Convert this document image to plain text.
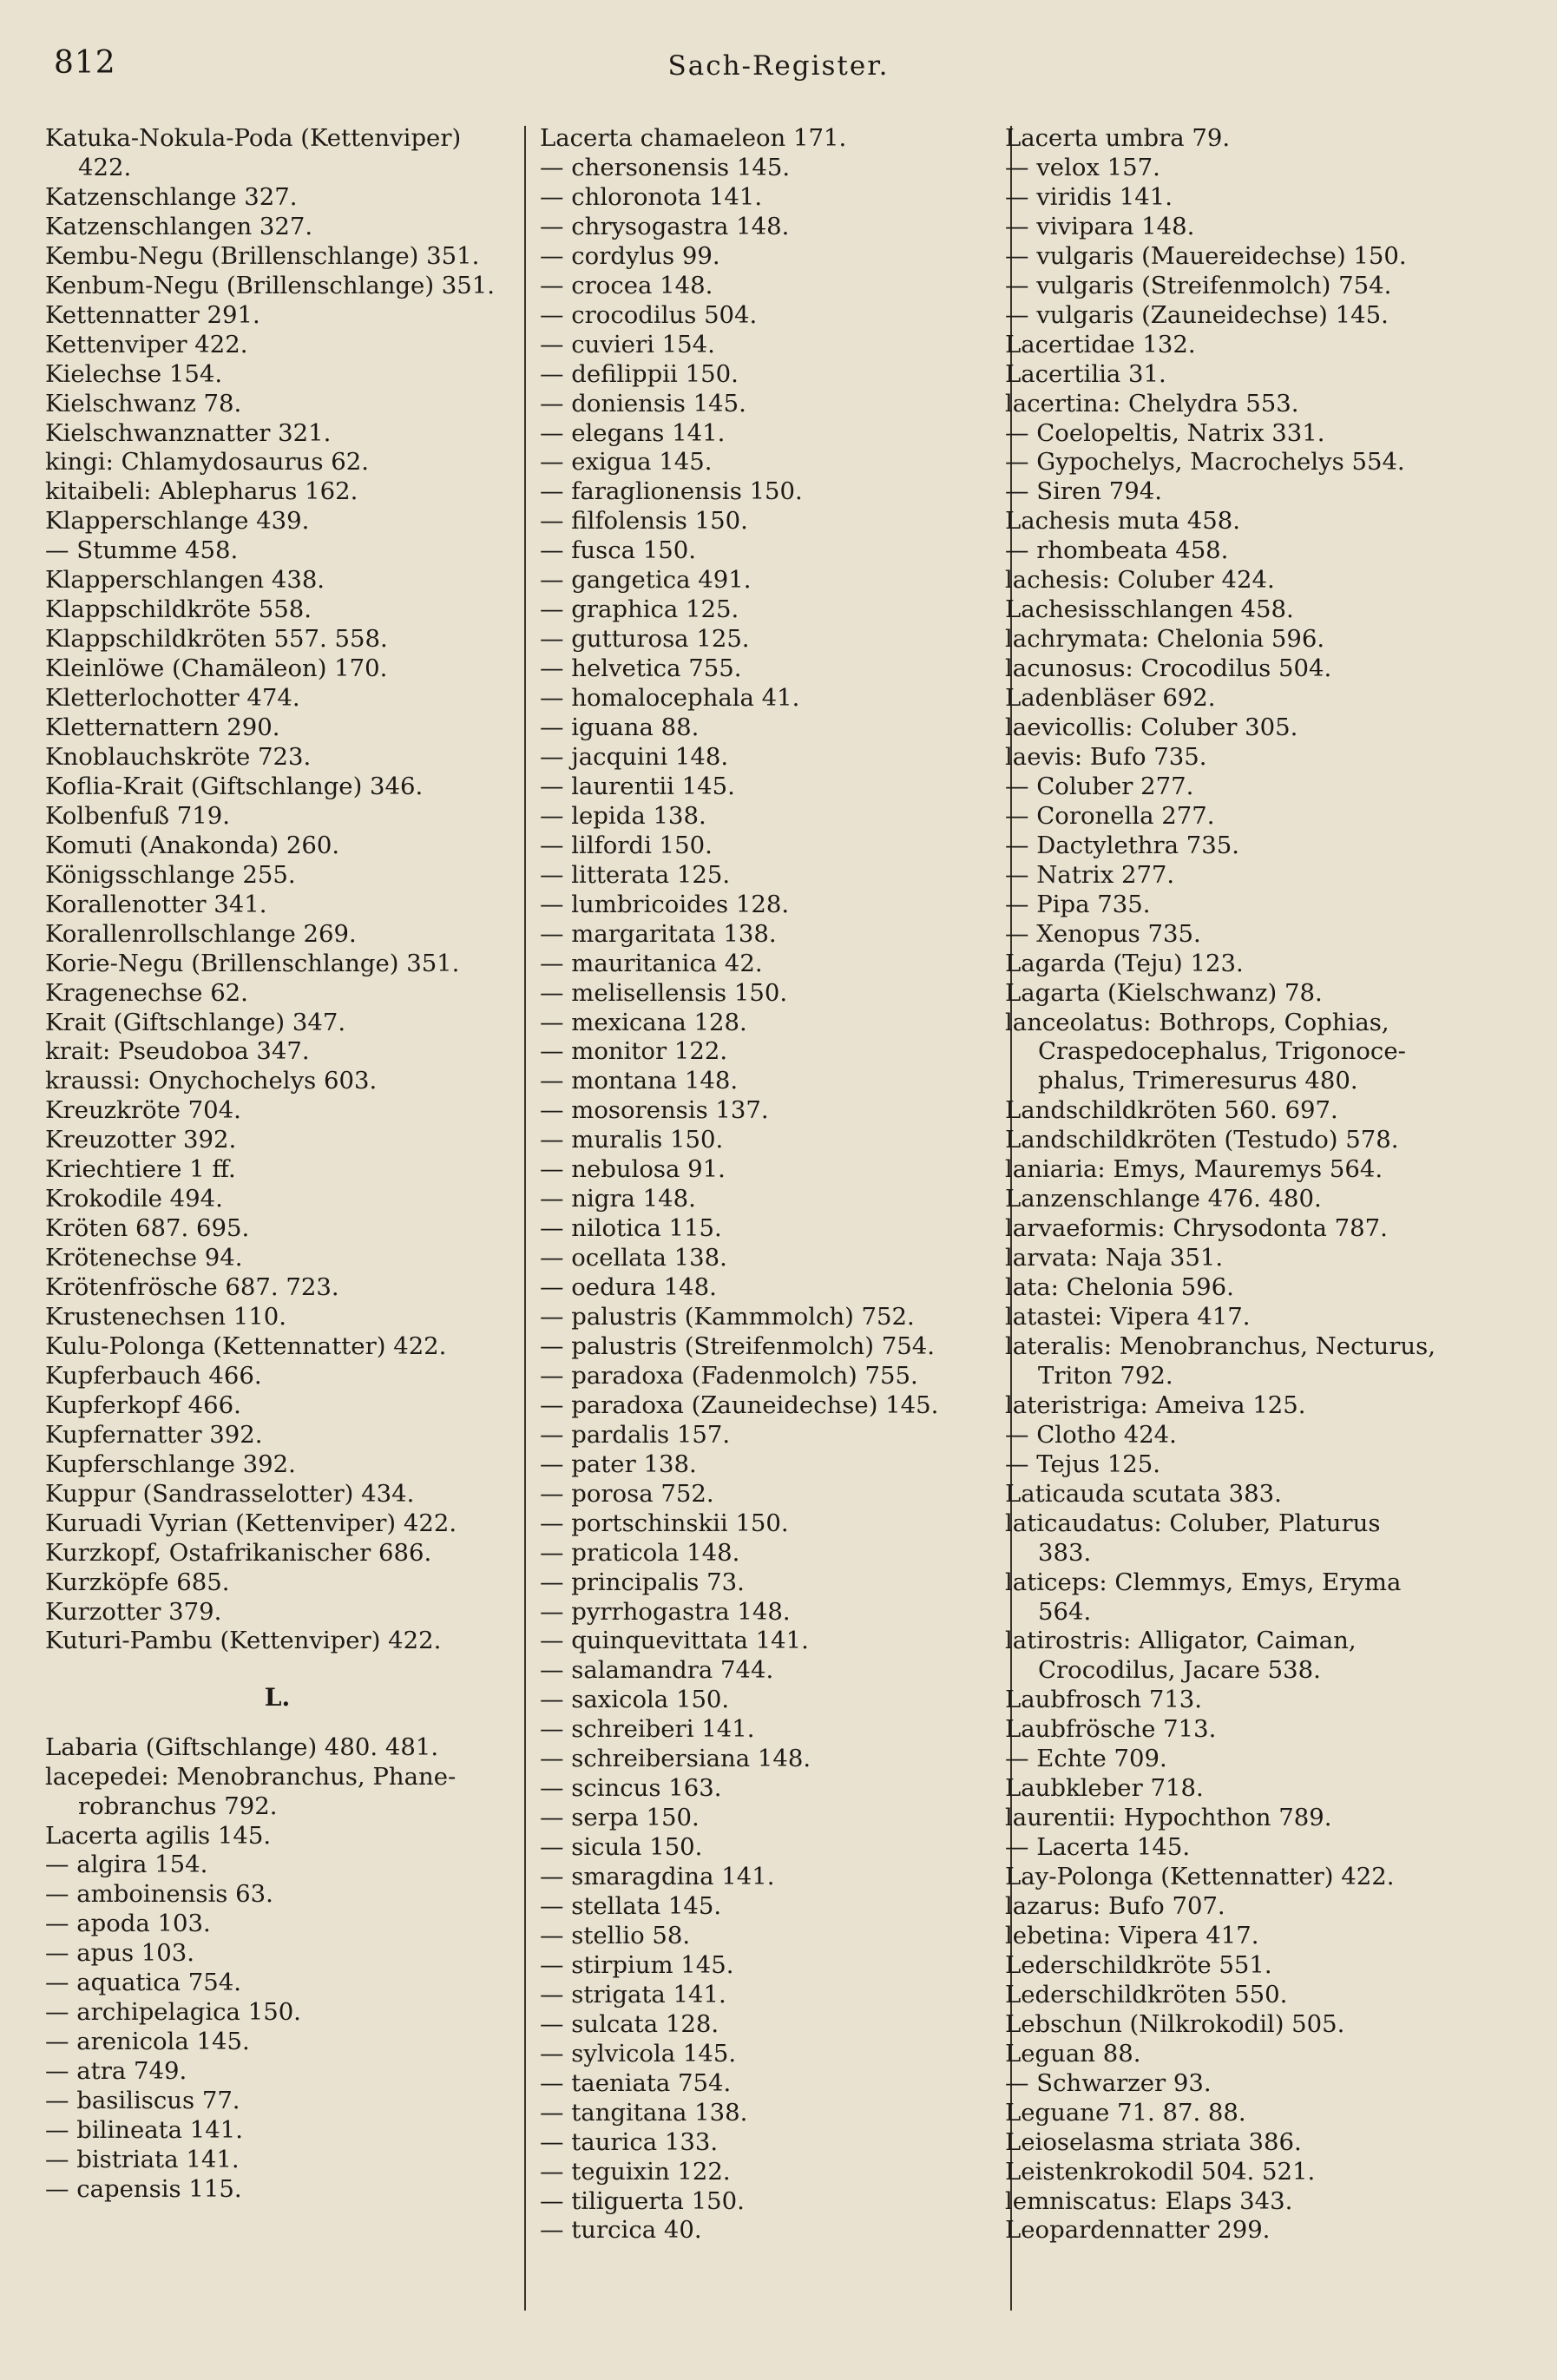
812	Sach-Register.
Katuka-Nokula-Poda (Kettenviper)
422.
Katzenschlange 327.
Katzenschlangen 327.
Kembu-Negu (Brillenschlange) 351.
Kenbum-Negu (Brillenschlange) 351.
Kettennatter 291.
Kettenviper 422.
Kielechse 154.
Kielschwanz 78.
Kielschwanznatter 321.
kingi: Chlamydosaurus 62.
kitaibeli: Ablepharus 162.
Klapperschlange 439.
— Stumme 458.
Klapperschlangen 438.
Klappschildkröte 558.
Klappschildkröten 557. 558.
Kleinlöwe (Chamäleon) 170.
Kletterlochotter 474.
Kletternattern 290.
Knoblauchskröte 723.
Koflia-Krait (Giftschlange) 346.
Kolbenfuß 719.
Komuti (Anakonda) 260.
Königsschlange 255.
Korallenotter 341.
Korallenrollschlange 269.
Korie-Negu (Brillenschlange) 351.
Kragenechse 62.
Krait (Giftschlange) 347.
krait: Pseudoboa 347.
kraussi: Onychochelys 603.
Kreuzkröte 704.
Kreuzotter 392.
Kriechtiere 1 ff.
Krokodile 494.
Kröten 687. 695.
Krötenechse 94.
Krötenfrösche 687. 723.
Krustenechsen 110.
Kulu-Polonga (Kettennatter) 422.
Kupferbauch 466.
Kupferkopf 466.
Kupfernatter 392.
Kupferschlange 392.
Kuppur (Sandrasselotter) 434.
Kuruadi Vyrian (Kettenviper) 422.
Kurzkopf, Ostafrikanischer 686.
Kurzköpfe 685.
Kurzotter 379.
Kuturi-Pambu (Kettenviper) 422.
L.
Labaria (Giftschlange) 480. 481.
lacepedei: Menobranchus, Phane-
robranchus 792.
Lacerta agilis 145.
— algira 154.
— amboinensis 63.
— apoda 103.
— apus 103.
— aquatica 754.
— archipelagica 150.
— arenicola 145.
— atra 749.
— basiliscus 77.
— bilineata 141.
— bistriata 141.
— capensis 115.
Lacerta chamaeleon 171.
— chersonensis 145.
— chloronota 141.
— chrysogastra 148.
— cordylus 99.
— crocea 148.
— crocodilus 504.
— cuvieri 154.
— defilippii 150.
— doniensis 145.
— elegans 141.
— exigua 145.
— faraglionensis 150.
— filfolensis 150.
— fusca 150.
— gangetica 491.
— graphica 125.
— gutturosa 125.
— helvetica 755.
— homalocephala 41.
— iguana 88.
— jacquini 148.
— laurentii 145.
— lepida 138.
— lilfordi 150.
— litterata 125.
— lumbricoides 128.
— margaritata 138.
— mauritanica 42.
— melisellensis 150.
— mexicana 128.
— monitor 122.
— montana 148.
— mosorensis 137.
— muralis 150.
— nebulosa 91.
— nigra 148.
— nilotica 115.
— ocellata 138.
— oedura 148.
— palustris (Kammmolch) 752.
— palustris (Streifenmolch) 754.
— paradoxa (Fadenmolch) 755.
— paradoxa (Zauneidechse) 145.
— pardalis 157.
— pater 138.
— porosa 752.
— portschinskii 150.
— praticola 148.
— principalis 73.
— pyrrhogastra 148.
— quinquevittata 141.
— salamandra 744.
— saxicola 150.
— schreiberi 141.
— schreibersiana 148.
— scincus 163.
— serpa 150.
— sicula 150.
— smaragdina 141.
— stellata 145.
— stellio 58.
— stirpium 145.
— strigata 141.
— sulcata 128.
— sylvicola 145.
— taeniata 754.
— tangitana 138.
— taurica 133.
— teguixin 122.
— tiliguerta 150.
— turcica 40.
Lacerta umbra 79.
— velox 157.
— viridis 141.
— vivipara 148.
— vulgaris (Mauereidechse) 150.
— vulgaris (Streifenmolch) 754.
— vulgaris (Zauneidechse) 145.
Lacertidae 132.
Lacertilia 31.
lacertina: Chelydra 553.
— Coelopeltis, Natrix 331.
— Gypochelys, Macrochelys 554.
— Siren 794.
Lachesis muta 458.
— rhombeata 458.
lachesis: Coluber 424.
Lachesisschlangen 458.
lachrymata: Chelonia 596.
lacunosus: Crocodilus 504.
Ladenbläser 692.
laevicollis: Coluber 305.
laevis: Bufo 735.
— Coluber 277.
— Coronella 277.
— Dactylethra 735.
— Natrix 277.
— Pipa 735.
— Xenopus 735.
Lagarda (Teju) 123.
Lagarta (Kielschwanz) 78.
lanceolatus: Bothrops, Cophias,
Craspedocephalus, Trigonoce-
phalus, Trimeresurus 480.
Landschildkröten 560. 697.
Landschildkröten (Testudo) 578.
laniaria: Emys, Mauremys 564.
Lanzenschlange 476. 480.
larvaeformis: Chrysodonta 787.
larvata: Naja 351.
lata: Chelonia 596.
latastei: Vipera 417.
lateralis: Menobranchus, Necturus,
Triton 792.
lateristriga: Ameiva 125.
— Clotho 424.
— Tejus 125.
Laticauda scutata 383.
laticaudatus: Coluber, Platurus
383.
laticeps: Clemmys, Emys, Eryma
564.
latirostris: Alligator, Caiman,
Crocodilus, Jacare 538.
Laubfrosch 713.
Laubfrösche 713.
— Echte 709.
Laubkleber 718.
laurentii: Hypochthon 789.
— Lacerta 145.
Lay-Polonga (Kettennatter) 422.
lazarus: Bufo 707.
lebetina: Vipera 417.
Lederschildkröte 551.
Lederschildkröten 550.
Lebschun (Nilkrokodil) 505.
Leguan 88.
— Schwarzer 93.
Leguane 71. 87. 88.
Leioselasma striata 386.
Leistenkrokodil 504. 521.
lemniscatus: Elaps 343.
Leopardennatter 299.
